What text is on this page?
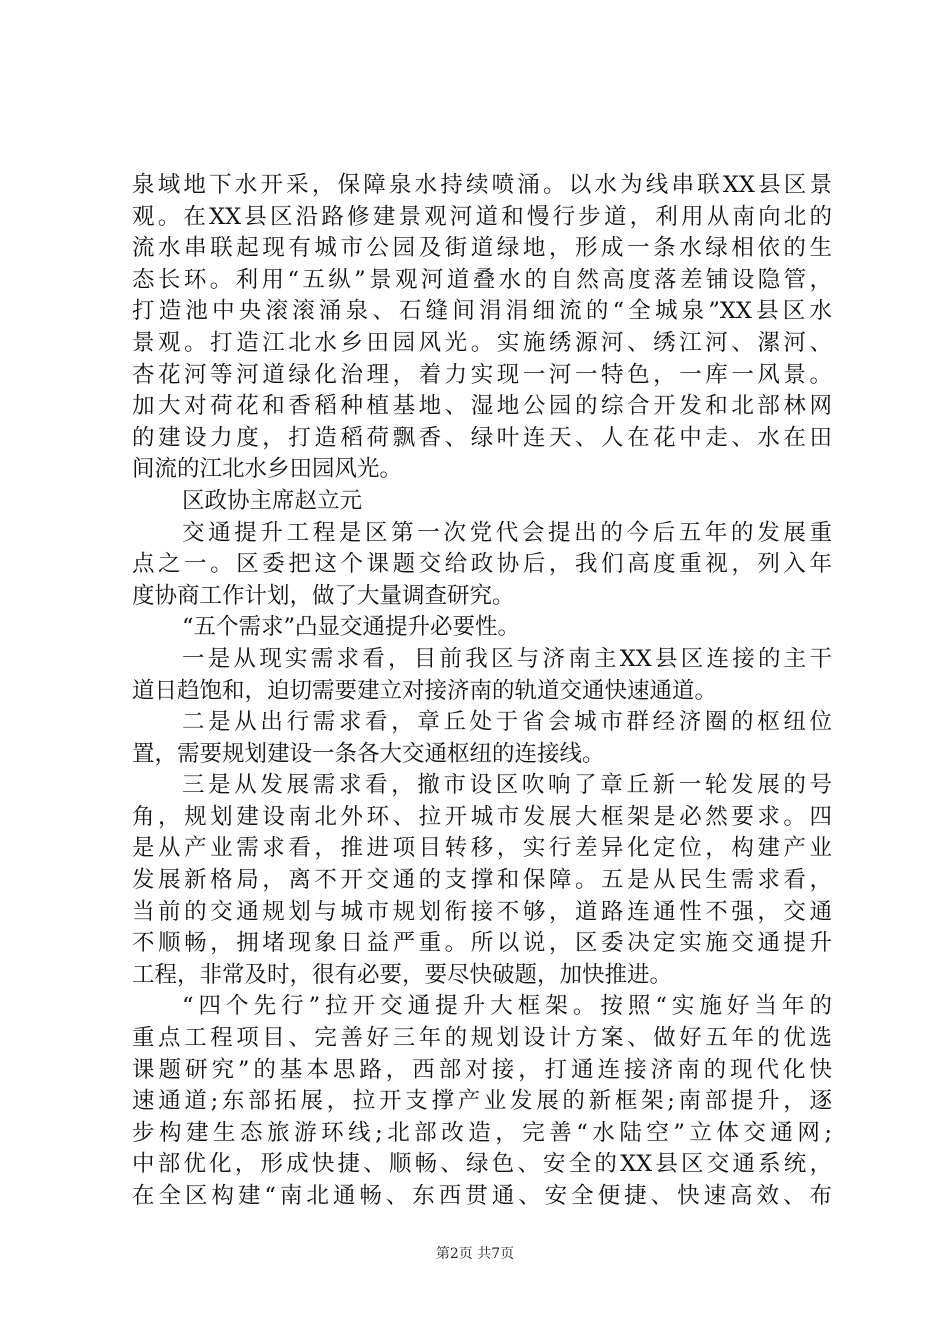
泉域地下水开采，保障泉水持续喷涌。以水为线串联XX县区景
观。在XX县区沿路修建景观河道和慢行步道，利用从南向北的
流水串联起现有城市公园及街道绿地，形成一条水绿相依的生
态长环。利用“五纵”景观河道叠水的自然高度落差铺设隐管，
打造池中央滚滚涌泉、石缝间涓涓细流的“全城泉”XX县区水
景观。打造江北水乡田园风光。实施绣源河、绣江河、漯河、
杏花河等河道绿化治理，着力实现一河一特色，一库一风景。
加大对荷花和香稻种植基地、湿地公园的综合开发和北部林网
的建设力度，打造稻荷飘香、绿叶连天、人在花中走、水在田
间流的江北水乡田园风光。
区政协主席赵立元
交通提升工程是区第一次党代会提出的今后五年的发展重
点之一。区委把这个课题交给政协后，我们高度重视，列入年
度协商工作计划，做了大量调查研究。
“五个需求”凸显交通提升必要性。
一是从现实需求看，目前我区与济南主XX县区连接的主干
道日趋饱和，迫切需要建立对接济南的轨道交通快速通道。
二是从出行需求看，章丘处于省会城市群经济圈的枢纽位
置，需要规划建设一条各大交通枢纽的连接线。
三是从发展需求看，撤市设区吹响了章丘新一轮发展的号
角，规划建设南北外环、拉开城市发展大框架是必然要求。四
是从产业需求看，推进项目转移，实行差异化定位，构建产业
发展新格局，离不开交通的支撑和保障。五是从民生需求看，
当前的交通规划与城市规划衔接不够，道路连通性不强，交通
不顺畅，拥堵现象日益严重。所以说，区委决定实施交通提升
工程，非常及时，很有必要，要尽快破题，加快推进。
“四个先行”拉开交通提升大框架。按照“实施好当年的
重点工程项目、完善好三年的规划设计方案、做好五年的优选
课题研究”的基本思路，西部对接，打通连接济南的现代化快
速通道;东部拓展，拉开支撑产业发展的新框架;南部提升，逐
步构建生态旅游环线;北部改造，完善“水陆空”立体交通网;
中部优化，形成快捷、顺畅、绿色、安全的XX县区交通系统，
在全区构建“南北通畅、东西贯通、安全便捷、快速高效、布
第2页 共7页
